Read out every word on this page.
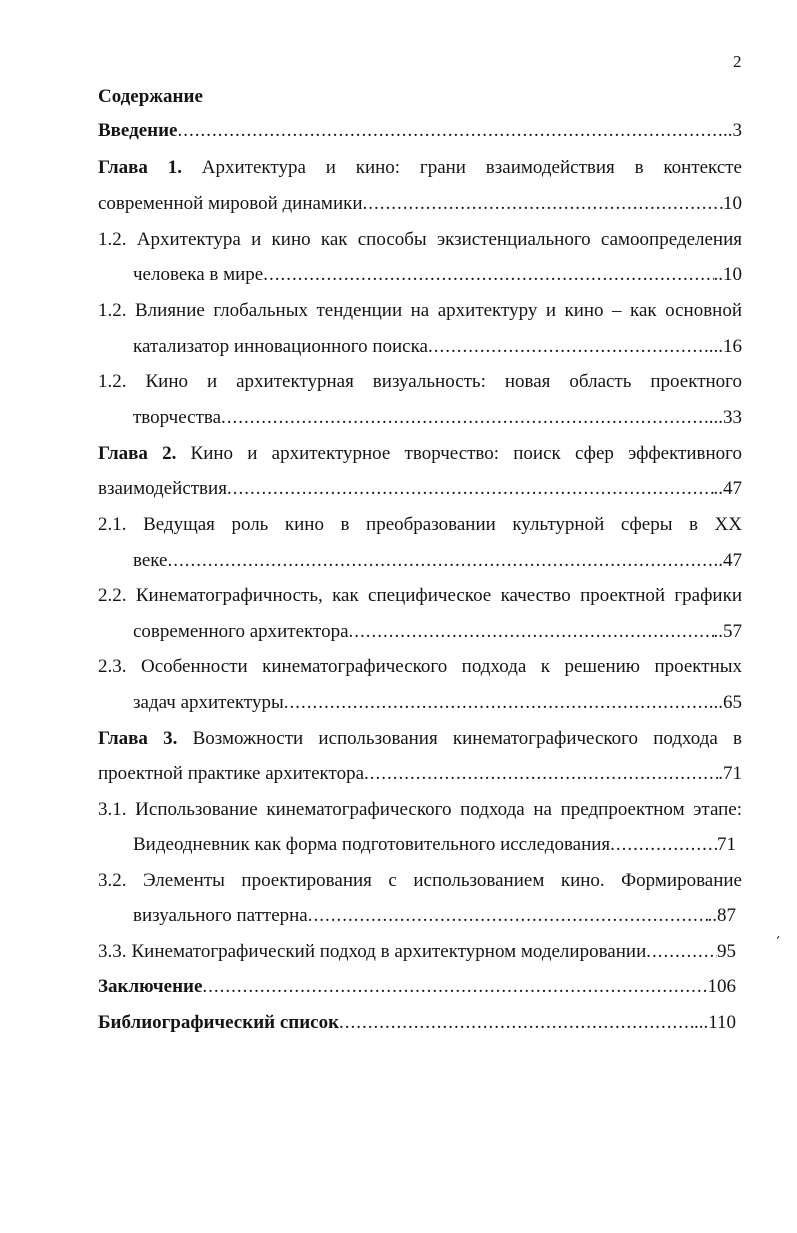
2
Содержание
Введение .....	..3
Глава 1. Архитектура и кино: грани взаимодействия в контексте
современной мировой динамики .....	10
1.2. Архитектура и кино как способы экзистенциального самоопределения
человека в мире .....	..10
1.2. Влияние глобальных тенденции на архитектуру и кино – как основной
катализатор инновационного поиска .....	...16
1.2. Кино и архитектурная визуальность: новая область проектного
творчества .....	...33
Глава 2. Кино и архитектурное творчество: поиск сфер эффективного
взаимодействия .....	..47
2.1. Ведущая роль кино в преобразовании культурной сферы в XX
веке .....	..47
2.2. Кинематографичность, как специфическое качество проектной графики
современного архитектора .....	..57
2.3. Особенности кинематографического подхода к решению проектных
задач архитектуры .....	...65
Глава 3. Возможности использования кинематографического подхода в
проектной практике архитектора .....	.71
3.1. Использование кинематографического подхода на предпроектном этапе:
Видеодневник как форма подготовительного исследования .....	71
3.2. Элементы проектирования с использованием кино. Формирование
визуального паттерна .....	..87
3.3. Кинематографический подход в архитектурном моделировании .....	95
Заключение .....	106
Библиографический список .....	...110
′
